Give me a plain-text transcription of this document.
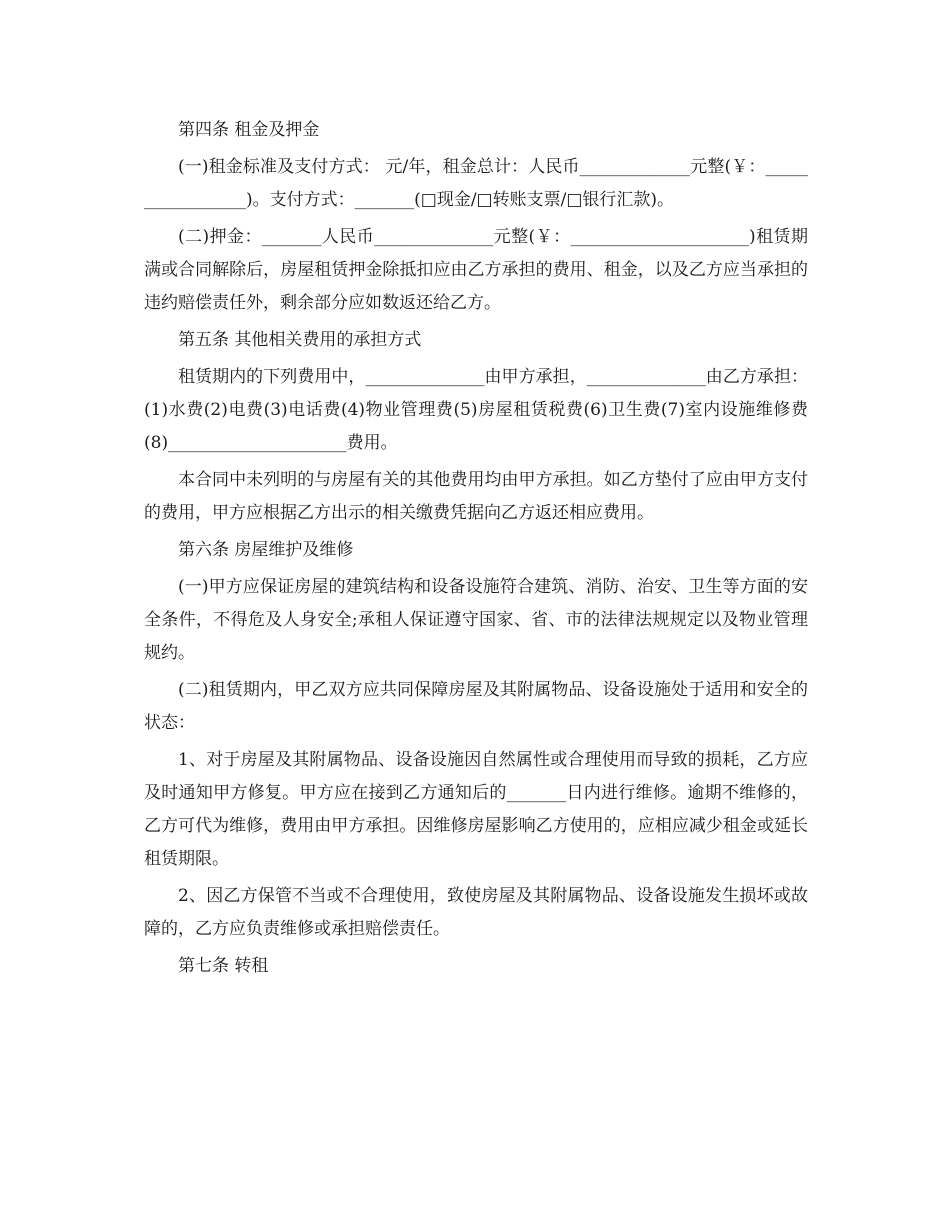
第四条 租金及押金

(一)租金标准及支付方式： 元/年，租金总计：人民币_____________元整(￥：_________________)。支付方式：_______(□现金/□转账支票/□银行汇款)。

(二)押金：_______人民币______________元整(￥：_____________________)租赁期满或合同解除后，房屋租赁押金除抵扣应由乙方承担的费用、租金，以及乙方应当承担的违约赔偿责任外，剩余部分应如数返还给乙方。

第五条 其他相关费用的承担方式

租赁期内的下列费用中，______________由甲方承担，______________由乙方承担：(1)水费(2)电费(3)电话费(4)物业管理费(5)房屋租赁税费(6)卫生费(7)室内设施维修费(8)_____________________费用。

本合同中未列明的与房屋有关的其他费用均由甲方承担。如乙方垫付了应由甲方支付的费用，甲方应根据乙方出示的相关缴费凭据向乙方返还相应费用。

第六条 房屋维护及维修

(一)甲方应保证房屋的建筑结构和设备设施符合建筑、消防、治安、卫生等方面的安全条件，不得危及人身安全;承租人保证遵守国家、省、市的法律法规规定以及物业管理规约。

(二)租赁期内，甲乙双方应共同保障房屋及其附属物品、设备设施处于适用和安全的状态：

1、对于房屋及其附属物品、设备设施因自然属性或合理使用而导致的损耗，乙方应及时通知甲方修复。甲方应在接到乙方通知后的_______日内进行维修。逾期不维修的，乙方可代为维修，费用由甲方承担。因维修房屋影响乙方使用的，应相应减少租金或延长租赁期限。

2、因乙方保管不当或不合理使用，致使房屋及其附属物品、设备设施发生损坏或故障的，乙方应负责维修或承担赔偿责任。

第七条 转租
